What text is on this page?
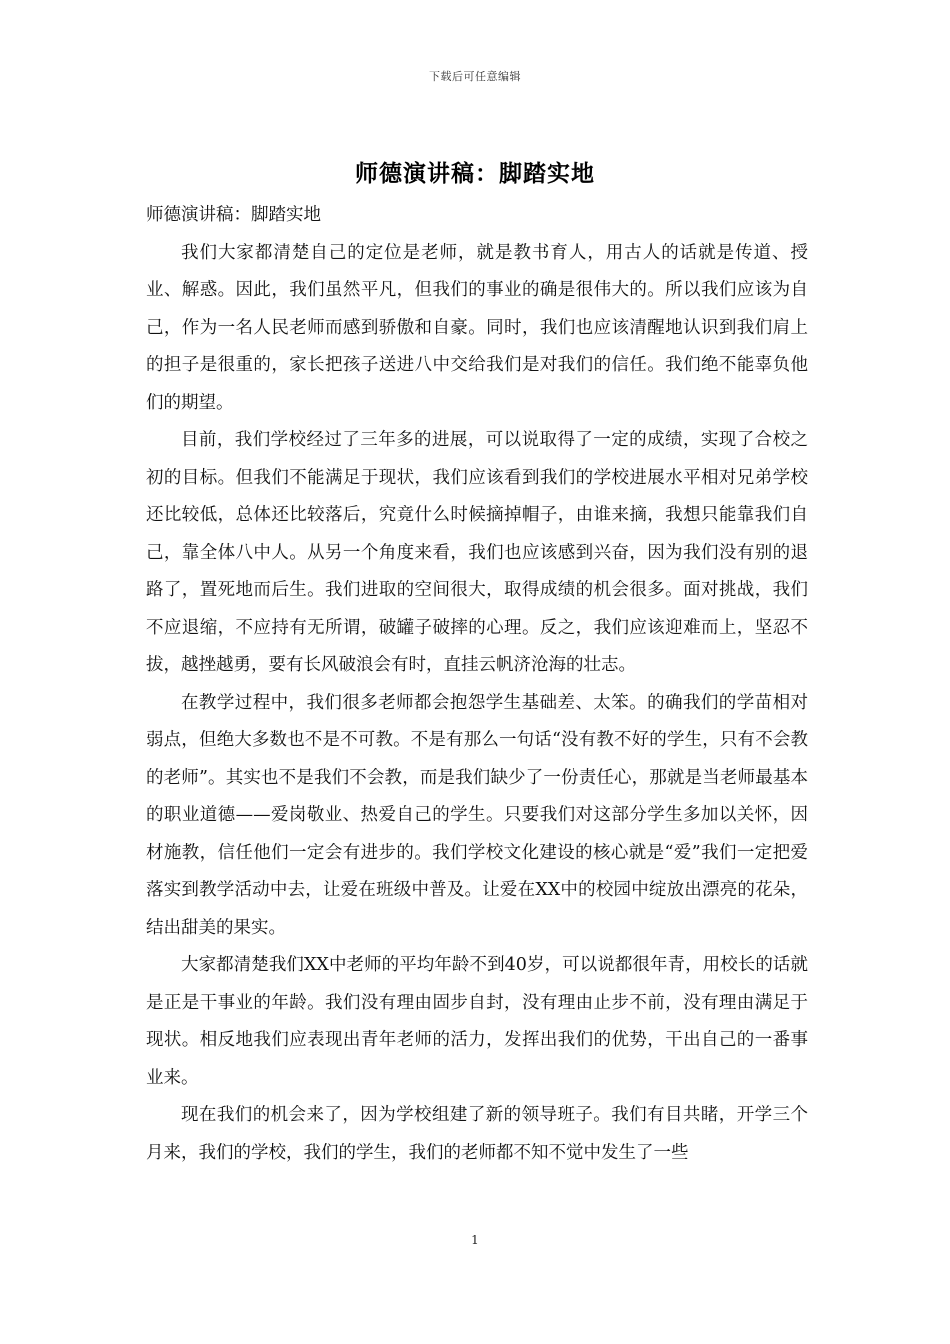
下载后可任意编辑
师德演讲稿：脚踏实地

师德演讲稿：脚踏实地

我们大家都清楚自己的定位是老师，就是教书育人，用古人的话就是传道、授业、解惑。因此，我们虽然平凡，但我们的事业的确是很伟大的。所以我们应该为自己，作为一名人民老师而感到骄傲和自豪。同时，我们也应该清醒地认识到我们肩上的担子是很重的，家长把孩子送进八中交给我们是对我们的信任。我们绝不能辜负他们的期望。

目前，我们学校经过了三年多的进展，可以说取得了一定的成绩，实现了合校之初的目标。但我们不能满足于现状，我们应该看到我们的学校进展水平相对兄弟学校还比较低，总体还比较落后，究竟什么时候摘掉帽子，由谁来摘，我想只能靠我们自己，靠全体八中人。从另一个角度来看，我们也应该感到兴奋，因为我们没有别的退路了，置死地而后生。我们进取的空间很大，取得成绩的机会很多。面对挑战，我们不应退缩，不应持有无所谓，破罐子破摔的心理。反之，我们应该迎难而上，坚忍不拔，越挫越勇，要有长风破浪会有时，直挂云帆济沧海的壮志。

在教学过程中，我们很多老师都会抱怨学生基础差、太笨。的确我们的学苗相对弱点，但绝大多数也不是不可教。不是有那么一句话“没有教不好的学生，只有不会教的老师”。其实也不是我们不会教，而是我们缺少了一份责任心，那就是当老师最基本的职业道德——爱岗敬业、热爱自己的学生。只要我们对这部分学生多加以关怀，因材施教，信任他们一定会有进步的。我们学校文化建设的核心就是“爱”我们一定把爱落实到教学活动中去，让爱在班级中普及。让爱在XX中的校园中绽放出漂亮的花朵，结出甜美的果实。

大家都清楚我们XX中老师的平均年龄不到40岁，可以说都很年青，用校长的话就是正是干事业的年龄。我们没有理由固步自封，没有理由止步不前，没有理由满足于现状。相反地我们应表现出青年老师的活力，发挥出我们的优势，干出自己的一番事业来。

现在我们的机会来了，因为学校组建了新的领导班子。我们有目共睹，开学三个月来，我们的学校，我们的学生，我们的老师都不知不觉中发生了一些

1
